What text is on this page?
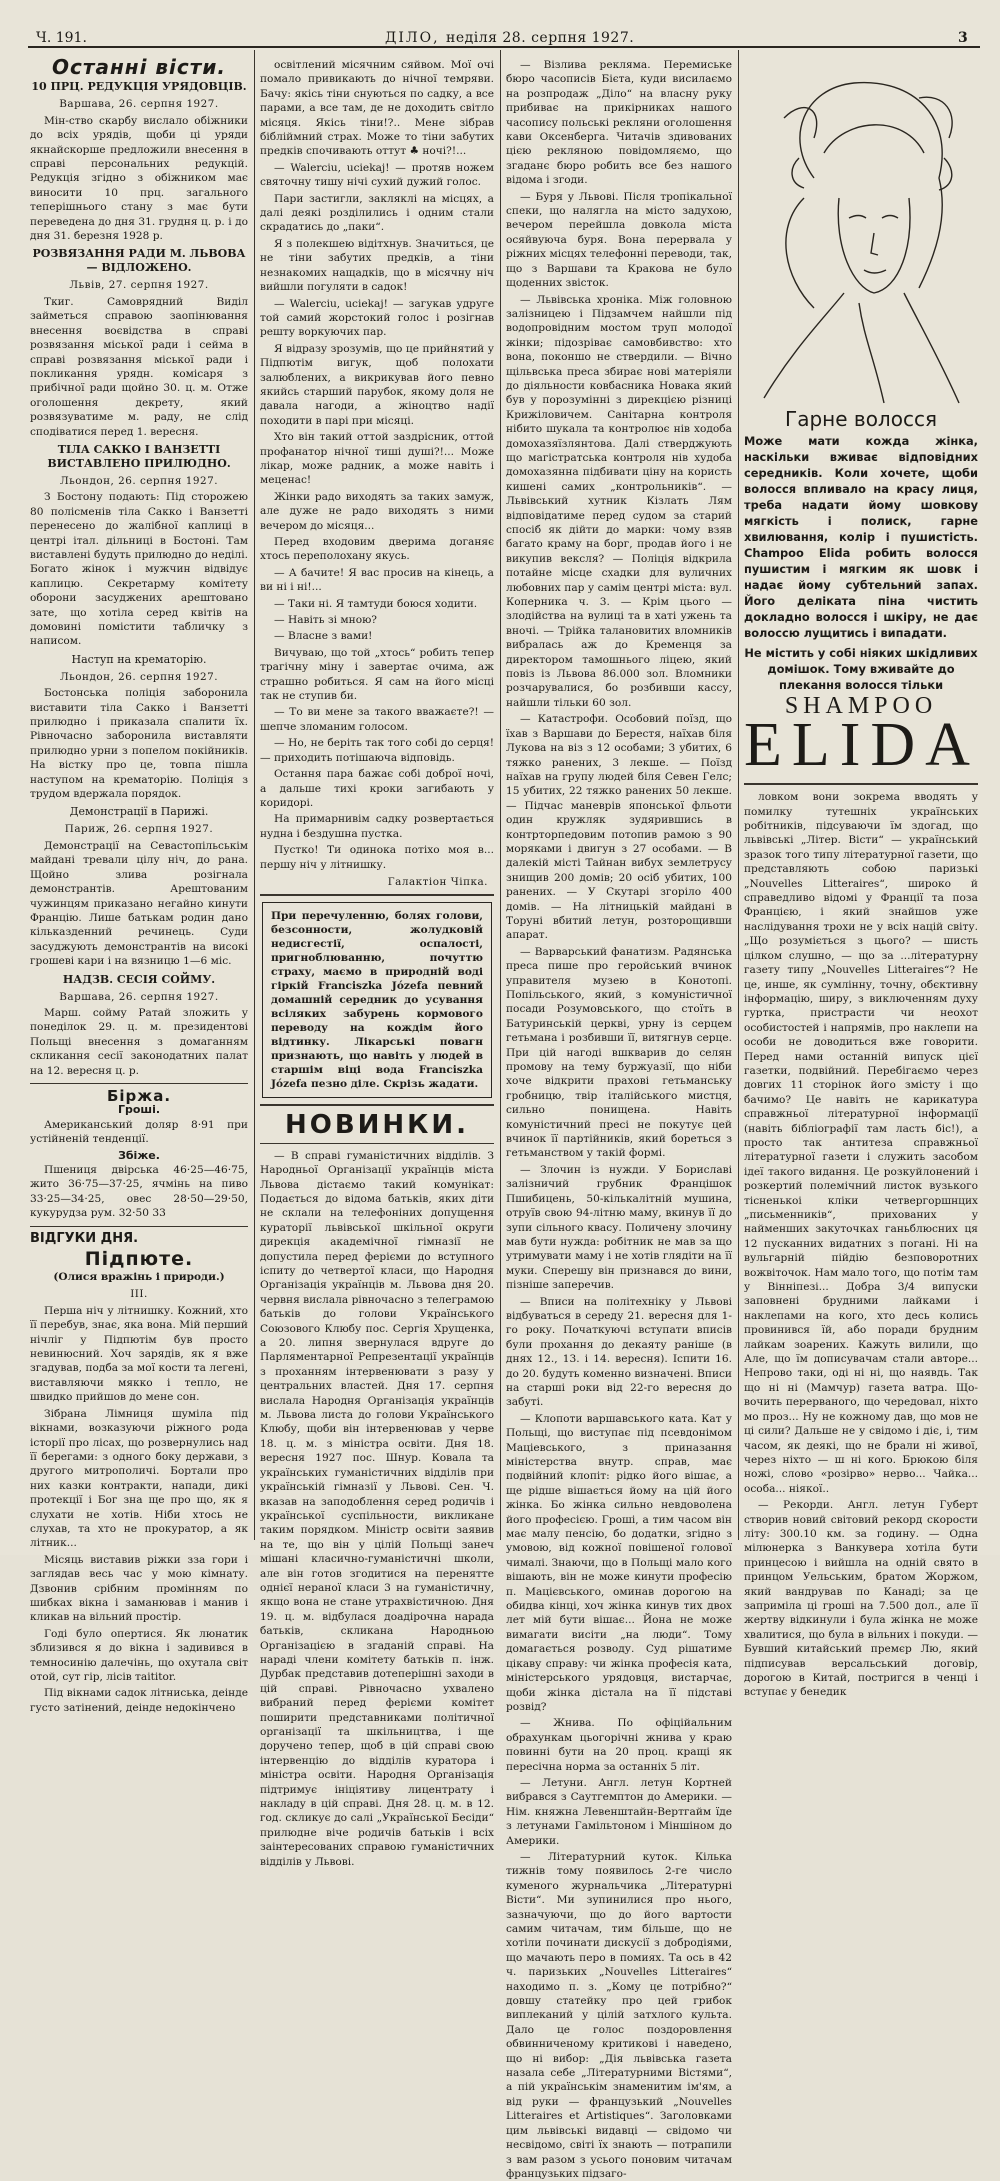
Ч. 191.	ДІЛО, неділя 28. серпня 1927.	3
Останні вісти.
10 ПРЦ. РЕДУКЦІЯ УРЯДОВЦІВ.
Варшава, 26. серпня 1927.

Мін-ство скарбу вислало обіжники до всіх урядів, щоби ці уряди якнайскорше предложили внесення в справі персональних редукцій. Редукція згідно з обіжником має виносити 10 прц. загального теперішнього стану з має бути переведена до дня 31. грудня ц. р. і до дня 31. березня 1928 р.

РОЗВЯЗАННЯ РАДИ М. ЛЬВОВА — ВІДЛОЖЕНО.
Львів, 27. серпня 1927.

Ткиг. Самоврядний Виділ займеться справою заопінювання внесення воєвідства в справі розвязання міської ради і сейма в справі розвязання міської ради і покликання урядн. комісаря з прибічної ради щойно 30. ц. м. Отже оголошення декрету, який розвязуватиме м. раду, не слід сподіватися перед 1. вересня.

ТІЛА САККО І ВАНЗЕТТІ ВИСТАВЛЕНО ПРИЛЮДНО.
Льондон, 26. серпня 1927.

З Бостону подають: Під сторожею 80 полісменів тіла Сакко і Ванзетті перенесено до жалібної каплиці в центрі італ. дільниці в Бостоні. Там виставлені будуть прилюдно до неділі. Богато жінок і мужчин відвідує каплицю. Секретарму комітету оборони засуджених арештовано зате, що хотіла серед квітів на домовині помістити табличку з написом.

Наступ на крематорію.
Льондон, 26. серпня 1927.

Бостонська поліція заборонила виставити тіла Сакко і Ванзетті прилюдно і приказала спалити їх. Рівночасно заборонила виставляти прилюдно урни з попелом покійників. На вістку про це, товпа пішла наступом на крематорію. Поліція з трудом вдержала порядок.

Демонстрації в Парижі.
Париж, 26. серпня 1927.

Демонстрації на Севастопільськім майдані тревали цілу ніч, до рана. Щойно злива розігнала демонстрантів. Арештованим чужинцям приказано негайно кинути Францію. Лише батькам родин дано кільказденний речинець. Суди засуджують демонстрантів на високі грошеві кари і на вязницю 1—6 міс.

НАДЗВ. СЕСІЯ СОЙМУ.
Варшава, 26. серпня 1927.

Марш. сойму Ратай зложить у понеділок 29. ц. м. президентові Польщі внесення з домаганням скликання сесії законодатних палат на 12. вересня ц. р.

Біржа.
Гроші.

Американський доляр 8·91 при устійненій тенденції.

Збіже.

Пшениця двірська 46·25—46·75, жито 36·75—37·25, ячмінь на пиво 33·25—34·25, овес 28·50—29·50, кукурудза рум. 32·50 33

ВІДГУКИ ДНЯ.
Підпюте.
(Олися вражінь і природи.)
III.

Перша ніч у літнишку. Кожний, хто її перебув, знає, яка вона. Мій перший нічліг у Підпютім був просто невинюсний. Хоч зарядів, як я вже згадував, подба за мої кости та легені, виставляючи мякко і тепло, не швидко прийшов до мене сон.

Зібрана Лімниця шуміла під вікнами, возказуючи ріжного рода історії про лісах, що розвернулись над її берегами: з одного боку держави, з другого митрополичі. Бортали про них казки контракти, напади, дикі протекції і Бог зна ще про що, як я слухати не хотів. Ніби хтось не слухав, та хто не прокуратор, а як літник...

Місяць виставив ріжки зза гори і заглядав весь час у мою кімнату. Дзвонив срібним промінням по шибках вікна і заманював і манив і кликав на вільний простір.

Годі було опертися. Як люнатик зблизився я до вікна і задивився в темносинію далечінь, що охутала світ отой, сут гір, лісів таititor.

Під вікнами садок літниська, деінде густо затінений, деінде недокінчено

освітлений місячним сяйвом. Мої очі помало привикають до нічної темряви. Бачу: якісь тіни снуються по садку, а все парами, а все там, де не доходить світло місяця. Якісь тіни!?.. Мене зібрав бібліймний страх. Може то тіни забутих предків спочивають оттут ♣ ночі?!...

— Walerciu, uciekaj! — протяв ножем святочну тишу нічі сухий дужий голос.

Пари застигли, закляклі на місцях, а далі деякі розділились і одним стали скрадатись до „паки“.

Я з полекшею відітхнув. Значиться, це не тіни забутих предків, а тіни незнакомих нащадків, що в місячну ніч вийшли погуляти в садок!

— Walerciu, uciekaj! — загукав удруге той самий жорстокий голос і розігнав решту воркуючих пар.

Я відразу зрозумів, що це прийнятий у Підпютім вигук, щоб полохати залюблених, а викрикував його певно якийсь старший парубок, якому доля не давала нагоди, а жіноцтво надії походити в парі при місяці.

Хто він такий оттой заздрісник, оттой профанатор нічної тиші душі?!... Може лікар, може радник, а може навіть і меценас!

Жінки радо виходять за таких замуж, але дуже не радо виходять з ними вечером до місяця...

Перед входовим дверима доганяє хтось переполохану якусь.

— А бачите! Я вас просив на кінець, а ви ні і ні!...

— Таки ні. Я тамтуди боюся ходити.

— Навіть зі мною?

— Власне з вами!

Вичуваю, що той „хтось“ робить тепер трагічну міну і завертає очима, аж страшно робиться. Я сам на його місці так не ступив би.

— То ви мене за такого вважаєте?! — шепче зломаним голосом.

— Но, не беріть так того собі до серця! — приходить потішаюча відповідь.

Остання пара бажає собі доброї ночі, а дальше тихі кроки загибають у коридорі.

На примарнивім садку розвертається нудна і бездушна пустка.

Пустко! Ти одинока потіхо моя в... першу ніч у літнишку.

Галактіон Чіпка.
При перечуленню, болях голови, безсонности, жолудковій недисгестії, оспалості, пригноблюванню, почуттю страху, маємо в природній воді гіркій Franciszka Józefa певний домашній середник до усування всіляких забурень кормового переводу на кождім його відтинку. Лікарські повагн признають, що навіть у людей в старшім віці вода Franciszka Józefa пезно діле. Скрізь жадати.
НОВИНКИ.

— В справі гуманістичних відділів. З Народньої Організації українців міста Львова дістаємо такий комунікат: Подається до відома батьків, яких діти не склали на телефоніних допущення кураторії львівської шкільної округи дирекція академічної гімназії не допустила перед ферієми до вступного іспиту до четвертої класи, що Народня Організація українців м. Львова дня 20. червня вислала рівночасно з телеграмою батьків до голови Українського Союзового Клюбу пос. Сергія Хрущенка, а 20. липня звернулася вдруге до Парляментарної Репрезентації українців з проханням інтервенювати з разу у центральних властей. Дня 17. серпня вислала Народня Організація українців м. Львова листа до голови Українського Клюбу, щоби він інтервенював у черве 18. ц. м. з міністра освіти. Дня 18. вересня 1927 пос. Шнур. Ковала та українських гуманістичних відділів при українській гімназії у Львові. Сен. Ч. вказав на заподоблення серед родичів і української суспільности, викликане таким порядком. Міністр освіти заявив на те, що він у цілій Польщі занеч мішані класично-гуманістичні школи, але він готов згодитися на перенятте однієї нераної класи 3 на гуманістичну, якщо вона не стане утрахвістичною. Дня 19. ц. м. відбулася доадірочна нарада батьків, скликана Народньою Організацією в згаданій справі. На нараді члени комітету батьків п. інж. Дурбак представив дотеперішні заходи в цій справі. Рівночасно ухвалено вибраний перед ферієми комітет поширити представниками політичної організації та шкільництва, і ще доручено тепер, щоб в цій справі свою інтервенцію до відділів куратора і міністра освіти. Народня Організація підтримує ініціятиву лицентрату і накладу в цій справі. Дня 28. ц. м. в 12. год. скликує до салі „Української Бесіди“ прилюдне віче родичів батьків і всіх заінтересованих справою гуманістичних відділів у Львові.

— Візлива рекляма. Перемиське бюро часописів Бієта, куди висилаємо на розпродаж „Діло“ на власну руку прибиває на прикірниках нашого часопису польські рекляни оголошення кави Оксенберга. Читачів здивованих цією рекляною повідомляємо, що згаданє бюро робить все без нашого відома і згоди.

— Буря у Львові. Після тропікальної спеки, що налягла на місто задухою, вечером перейшла довкола міста осяйвуюча буря. Вона перервала у ріжних місцях телефонні переводи, так, що з Варшави та Кракова не було щоденних звісток.

— Львівська хроніка. Між головною залізницею і Підзамчем найшли під водопровідним мостом труп молодої жінки; підозріває самовбивство: хто вона, поконшо не ствердили. — Вічно щільвська преса збирає нові матеріяли до діяльности ковбасника Новака який був у порозумінні з дирекцією різниці Крижіловичем. Санітарна контроля нібито шукала та контролює нів ходоба домохазяїзлянтова. Далі стверджують що магістратська контроля нів худоба домохазянна підбивати ціну на користь кишені самих „контрольників“. — Львівський хутник Кізлать Лям відповідатиме перед судом за старий спосіб як дійти до марки: чому взяв багато краму на борг, продав його і не викупив вексля? — Поліція відкрила потайне місце схадки для вуличних любовних пар у самім центрі міста: вул. Коперника ч. 3. — Крім цього — злодійства на вулиці та в хаті ужень та вночі. — Трійка талановитих вломників вибралась аж до Кременця за директором тамошнього ліцею, який повіз із Львова 86.000 зол. Вломники розчарувалися, бо розбивши кассу, найшли тільки 60 зол.

— Катастрофи. Особовий поїзд, що їхав з Варшави до Берестя, наїхав біля Лукова на віз з 12 особами; 3 убитих, 6 тяжко ранених, 3 лекше. — Поїзд наїхав на групу людей біля Севен Гелс; 15 убитих, 22 тяжко ранених 50 лекше. — Підчас маневрів японської фльоти один кружляк зудярившись в контрторпедовим потопив рамою з 90 моряками і двигун з 27 особами. — В далекій місті Тайнан вибух землетрусу знищив 200 домів; 20 осіб убитих, 100 ранених. — У Скутарі згоріло 400 домів. — На літницькій майдані в Торуні вбитий летун, розторощивши апарат.

— Варварський фанатизм. Радянська преса пише про геройський вчинок управителя музею в Конотопі. Попільського, який, з комуністичної посади Розумовського, що стоїть в Батуринській церкві, урну із серцем гетьмана і розбивши її, витягнув серце. При цій нагоді вшкварив до селян промову на тему буржуазії, що ніби хоче відкрити прахові гетьманську гробницю, твір італійського мистця, сильно понищена. Навіть комуністичний пресі не покутує цей вчинок її партійників, який бореться з гетьманством у такій формі.

— Злочин із нужди. У Бориславі залізничий грубник Францішок Пшибицень, 50-кількалітній мушина, отруїв свою 94-літню маму, вкинув її до зупи сільного квасу. Поличену злочину мав бути нужда: робітник не мав за що утримувати маму і не хотів глядіти на її муки. Сперешу він признався до вини, пізніше заперечив.

— Вписи на політехніку у Львові відбуваться в середу 21. вересня для 1-го року. Початкуючі вступати вписів були прохання до декаяту раніше (в днях 12., 13. і 14. вересня). Іспити 16. до 20. будуть коменно визначені. Вписи на старші роки від 22-го вересня до забуті.

— Клопоти варшавського ката. Кат у Польщі, що виступає під псевдонімом Маціевського, з приназання міністерства внутр. справ, має подвійний клопіт: рідко його вішає, а ще рідше вішається йому на цій його жінка. Бо жінка сильно невдоволена його професією. Грошi, а тим часом він має малу пенсію, бо додатки, згідно з умовою, від кожної повішеної голової чималі. Знаючи, що в Польщі мало кого вішають, він не може кинути професію п. Мацієвського, оминав дорогою на обидва кінці, хоч жінка кинув тих двох лет мій бути вішає... Йона не може вимагати висіти „на люди“. Тому домагається розводу. Суд рішатиме цікаву справу: чи жінка професія ката, міністерського урядовця, вистарчає, щоби жінка дістала на її підставі розвід?

— Жнива. По офіційальним обрахункам цьогорічні жнива у краю повинні бути на 20 проц. кращі як пересічна норма за останніх 5 літ.

— Летуни. Англ. летун Кортней вибрався з Саутгемптон до Америки. — Нім. княжна Левенштайн-Вертгайм їде з летунами Гамільтоном і Міншіном до Америки.

— Літературний куток. Кілька тижнів тому появилось 2-ге число куменого журнальчика „Літературні Вісти“. Ми зупинилися про нього, зазначуючи, що до його вартости самим читачам, тим більше, що не хотіли починати дискусії з добродіями, що мачають перо в помиях. Та ось в 42 ч. паризьких „Nouvelles Litteraires“ находимо п. з. „Кому це потрібно?“ довшу статейку про цей грибок виплеканий у цілій затхлого культа. Дало це голос поздоровлення обвинниченому критикові і наведено, що ні вибор: „Дія львівська газета назала себе „Літературними Вістями“, а пій українськім знаменитим ім'ям, а від руки — французький „Nouvelles Litteraires et Artistiques“. Заголовками цим львівські видавці — свідомо чи несвідомо, світі їх знають — потрапили з вам разом з усього поновим читачам французьких підзаго-

Гарне волосся
Може мати кожда жінка, наскільки вживає відповідних середників. Коли хочете, щоби волосся впливало на красу лиця, треба надати йому шовкову мягкість і полиск, гарне хвилювання, колір і пушистість. Champoo Elida робить волосся пушистим і мягким як шовк і надає йому субтельний запах. Його деліката піна чистить докладно волосся і шкіру, не дає волоссю лущитись і випадати.
Не містить у собі ніяких шкідливих домішок. Тому вживайте до плекання волосся тільки
SHAMPOO
ELIDA

ловком вони зокрема вводять у помилку тутешніх українських робітників, підсуваючи їм здогад, що львівські „Літер. Вісти“ — український зразок того типу літературної газети, що представляють собою паризькі „Nouvelles Litteraires“, широко й справедливо відомі у Франції та поза Францією, і який знайшов уже наслідування трохи не у всіх націй світу. „Що розуміється з цього? — шисть цілком слушно, — що за ...літературну газету типу „Nouvelles Litteraires“? Не це, инше, як сумлінну, точну, обєктивну інформацію, ширу, з виключенням духу гуртка, пристрасти чи неохот особистостей і напрямів, про наклепи на особи не доводиться вже говорити. Перед нами останній випуск цієї газетки, подвійний. Перебігаємо через довгих 11 сторінок його змісту і що бачимо? Це навіть не карикатура справжньої літературної інформації (навіть бібліографії там ласть біс!), а просто так антитеза справжньої літературної газети і служить засобом ідеї такого видання. Це розкуйлонений і розкертий полемічний листок вузького тісненькоі кліки четвергоршнцих „письменників“, прихованих у найменших закуточках ганьблюсних ця 12 пусканних видатних з погані. Ні на вульгарній пійдію безповоротних вожвіточок. Нам мало того, що потім там у Вінніпезі... Добра 3/4 випуски заповнені брудними лайками і наклепами на кого, хто десь колись провинився їй, або поради брудним лайкам зоарених. Кажуть вилили, що Але, що їм дописувачам стали авторе... Непрово таки, оді ні ні, що наявдь. Так що ні ні (Мамчур) газета ватра. Що-вочить перерваного, що чередовал, ніхто мо проз... Ну не кожному дав, що мов не ці сили? Дальше не у свідомо і діє, і, тим часом, як деякі, що не брали ні живої, через ніхто — ш ні кого. Брюкою біля ножі, слово «розірво» нерво... Чайка... особа... ніякої..

— Рекорди. Англ. летун Губерт створив новий світовий рекорд скорости літу: 300.10 км. за годину. — Одна мілюнерка з Ванкувера хотіла бути принцесою і вийшла на одній свято в принцом Уельським, братом Жоржом, який вандрував по Канаді; за це заприміла ці гроші на 7.500 дол., але її жертву відкинули і була жінка не може хвалитися, що була в вільних і покуди. — Бувший китайський премєр Лю, який підписував версальський договір, дорогою в Китай, постригся в ченці і вступає у бенедик
